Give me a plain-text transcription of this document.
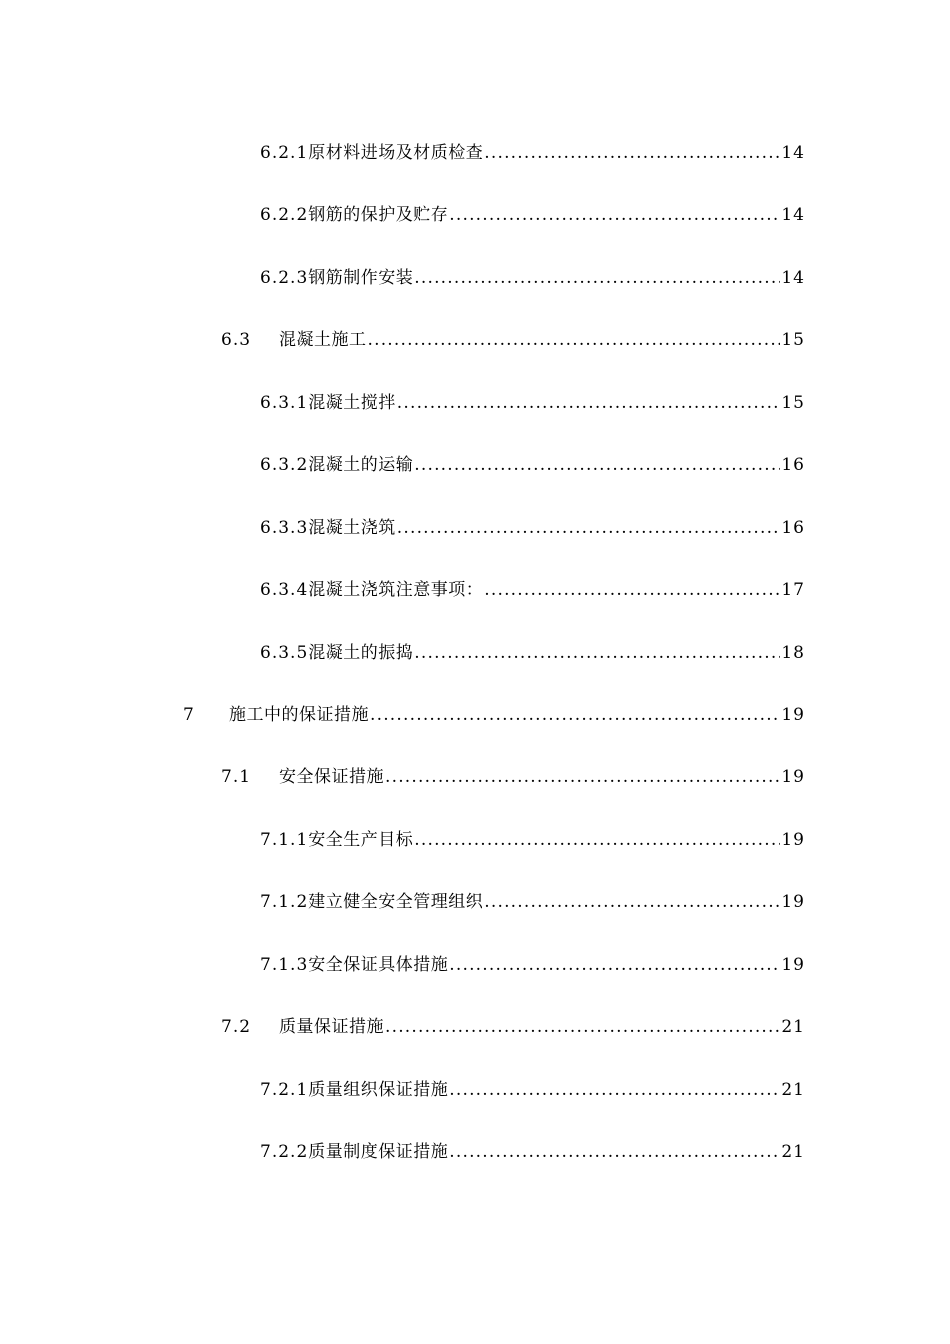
6.2.1 原材料进场及材质检查 .....	14
6.2.2 钢筋的保护及贮存 .....	14
6.2.3 钢筋制作安装 .....	14
6.3	混凝土施工 .....	15
6.3.1 混凝土搅拌 .....	15
6.3.2 混凝土的运输 .....	16
6.3.3 混凝土浇筑 .....	16
6.3.4 混凝土浇筑注意事项： .....	17
6.3.5 混凝土的振捣 .....	18
7	施工中的保证措施 .....	19
7.1	安全保证措施 .....	19
7.1.1 安全生产目标 .....	19
7.1.2 建立健全安全管理组织 .....	19
7.1.3 安全保证具体措施 .....	19
7.2	质量保证措施 .....	21
7.2.1 质量组织保证措施 .....	21
7.2.2 质量制度保证措施 .....	21
